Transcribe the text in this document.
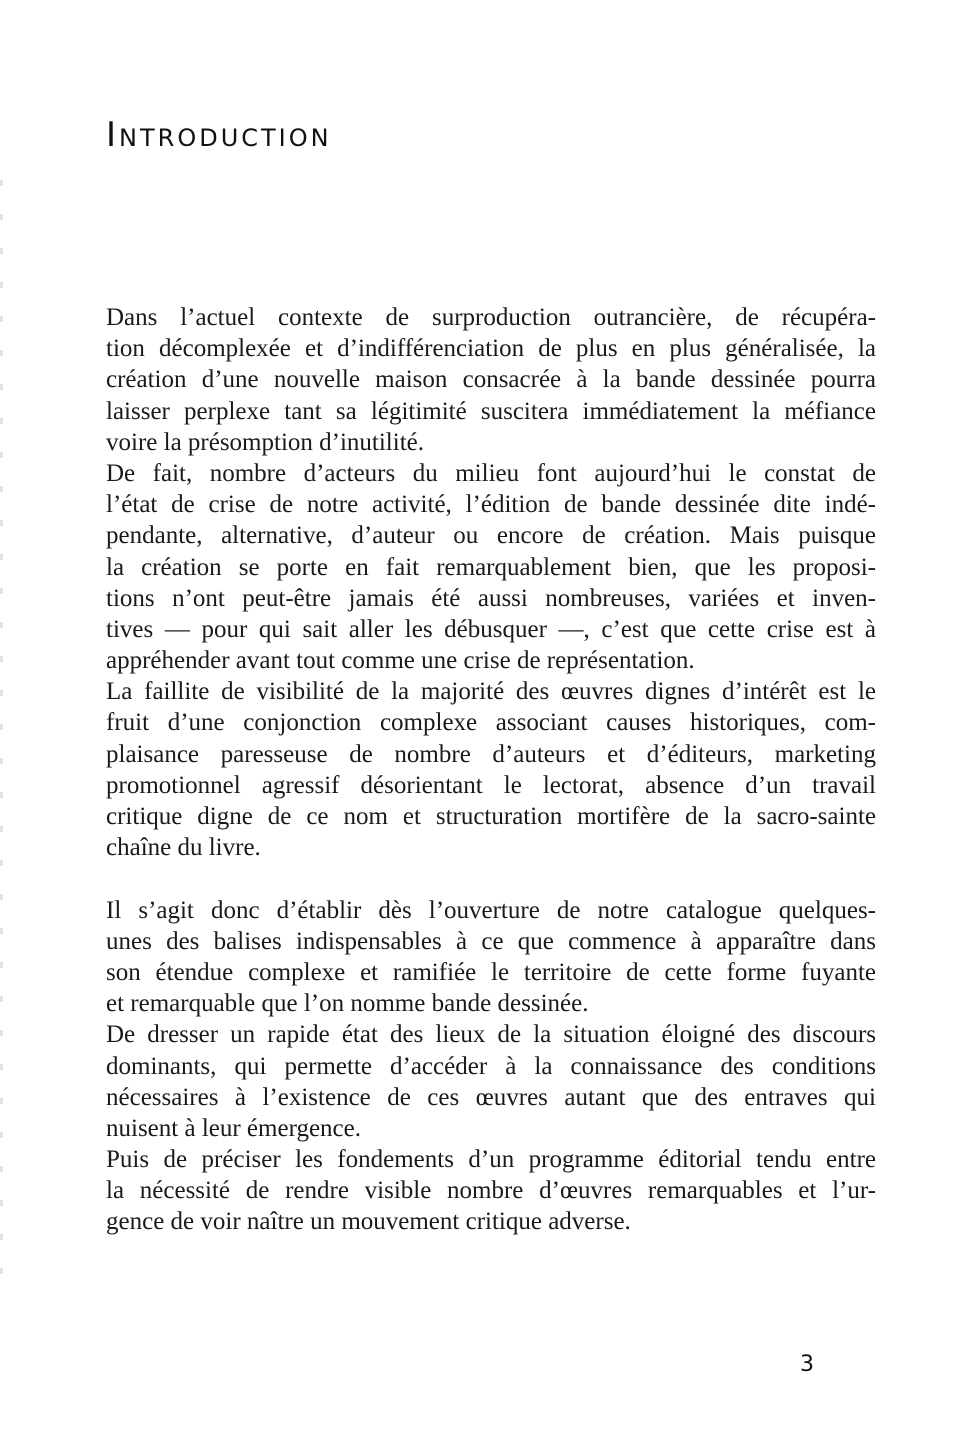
Introduction
Dans l’actuel contexte de surproduction outrancière, de récupéra-
tion décomplexée et d’indifférenciation de plus en plus généralisée, la
création d’une nouvelle maison consacrée à la bande dessinée pourra
laisser perplexe tant sa légitimité suscitera immédiatement la méfiance
voire la présomption d’inutilité.
De fait, nombre d’acteurs du milieu font aujourd’hui le constat de
l’état de crise de notre activité, l’édition de bande dessinée dite indé-
pendante, alternative, d’auteur ou encore de création. Mais puisque
la création se porte en fait remarquablement bien, que les proposi-
tions n’ont peut-être jamais été aussi nombreuses, variées et inven-
tives — pour qui sait aller les débusquer —, c’est que cette crise est à
appréhender avant tout comme une crise de représentation.
La faillite de visibilité de la majorité des œuvres dignes d’intérêt est le
fruit d’une conjonction complexe associant causes historiques, com-
plaisance paresseuse de nombre d’auteurs et d’éditeurs, marketing
promotionnel agressif désorientant le lectorat, absence d’un travail
critique digne de ce nom et structuration mortifère de la sacro-sainte
chaîne du livre.
Il s’agit donc d’établir dès l’ouverture de notre catalogue quelques-
unes des balises indispensables à ce que commence à apparaître dans
son étendue complexe et ramifiée le territoire de cette forme fuyante
et remarquable que l’on nomme bande dessinée.
De dresser un rapide état des lieux de la situation éloigné des discours
dominants, qui permette d’accéder à la connaissance des conditions
nécessaires à l’existence de ces œuvres autant que des entraves qui
nuisent à leur émergence.
Puis de préciser les fondements d’un programme éditorial tendu entre
la nécessité de rendre visible nombre d’œuvres remarquables et l’ur-
gence de voir naître un mouvement critique adverse.
3
